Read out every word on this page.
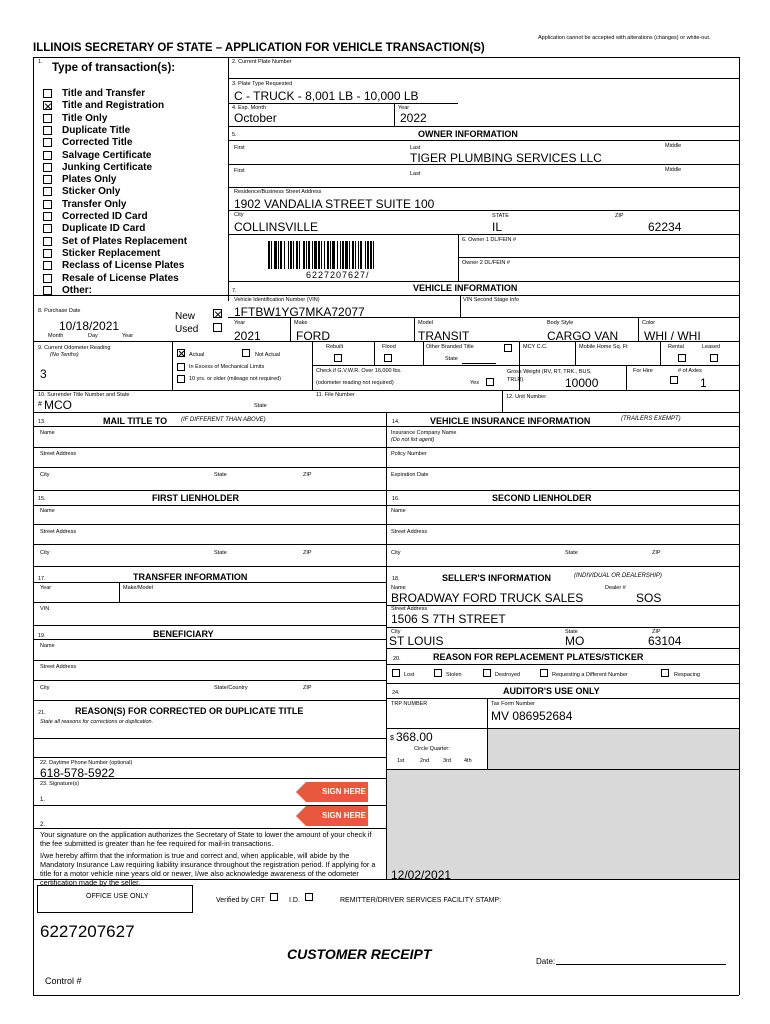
Application cannot be accepted with alterations (changes) or white-out.
ILLINOIS SECRETARY OF STATE – APPLICATION FOR VEHICLE TRANSACTION(S)
1. Type of transaction(s):
Title and Transfer
Title and Registration
Title Only
Duplicate Title
Corrected Title
Salvage Certificate
Junking Certificate
Plates Only
Sticker Only
Transfer Only
Corrected ID Card
Duplicate ID Card
Set of Plates Replacement
Sticker Replacement
Reclass of License Plates
Resale of License Plates
Other:
2. Current Plate Number
3. Plate Type Requested
C - TRUCK - 8,001 LB - 10,000 LB
4. Exp. Month
October
Year
2022
5.	OWNER INFORMATION
First	Last	Middle
TIGER PLUMBING SERVICES LLC
First	Last
Middle
Residence/Business Street Address
1902 VANDALIA STREET SUITE 100
City
COLLINSVILLE
STATE
IL
ZIP
62234
6. Owner 1 DL/FEIN #
Owner 2 DL/FEIN #
6227207627/
7.	VEHICLE INFORMATION
Vehicle Identification Number (VIN)
1FTBW1YG7MKA72077
VIN Second Stage Info
Year
2021
Make
FORD
Model
TRANSIT
Body Style
CARGO VAN
Color
WHI / WHI
Rebuilt	Flood	Other Branded Title
State
MCY C.C.	Mobile Home Sq. Ft	Rental	Leased
Check if G.V.W.R. Over 16,000 lbs.
(odometer reading not required)	Yes
Gross Weight (RV, RT, TRK., BUS, TRLR)	10000
For Hire	# of Axles
1
11. File Number	12. Unit Number
8. Purchase Date
10/18/2021
Month	Day	Year
New
Used
9. Current Odometer Reading
(No Tenths)
3
Actual	Not Actual
In Excess of Mechanical Limits
10 yrs. or older (mileage not required)
10. Surrender Title Number and State
# MCO	State
13.	MAIL TITLE TO (IF DIFFERENT THAN ABOVE)
Name
Street Address
City	State	ZIP
14.	VEHICLE INSURANCE INFORMATION	(TRAILERS EXEMPT)
Insurance Company Name
(Do not list agent)
Policy Number
Expiration Date
15.	FIRST LIENHOLDER	16.	SECOND LIENHOLDER
Name	Name
Street Address	Street Address
City	State	ZIP	City	State	ZIP
17.	TRANSFER INFORMATION
Year	Make/Model
VIN
18.	SELLER'S INFORMATION	(INDIVIDUAL OR DEALERSHIP)
Name	Dealer #
BROADWAY FORD TRUCK SALES	SOS
Street Address
1506 S 7TH STREET
City
ST LOUIS
State
MO
ZIP
63104
19.	BENEFICIARY
Name
Street Address
City	State/Country	ZIP
20.	REASON FOR REPLACEMENT PLATES/STICKER
Lost	Stolen	Destroyed	Requesting a Different Number	Respacing
24.	AUDITOR'S USE ONLY
TRP NUMBER	Tax Form Number
MV 086952684
$ 368.00
Circle Quarter:
1st	2nd	3rd 4th
12/02/2021
21.	REASON(S) FOR CORRECTED OR DUPLICATE TITLE
State all reasons for corrections or duplication.
22. Daytime Phone Number (optional)
618-578-5922
23. Signature(s)
1.
SIGN HERE
2.
SIGN HERE
Your signature on the application authorizes the Secretary of State to lower the amount of your check if the fee submitted is greater than he fee required for mail-in transactions.
I/we hereby affirm that the information is true and correct and, when applicable, will abide by the Mandatory Insurance Law requiring liability insurance throughout the registration period. If applying for a title for a motor vehicle nine years old or newer, I/we also acknowledge awareness of the odometer certification made by the seller.
OFFICE USE ONLY
Verified by CRT	I.D.	REMITTER/DRIVER SERVICES FACILITY STAMP:
6227207627
CUSTOMER RECEIPT	Date:
Control #
